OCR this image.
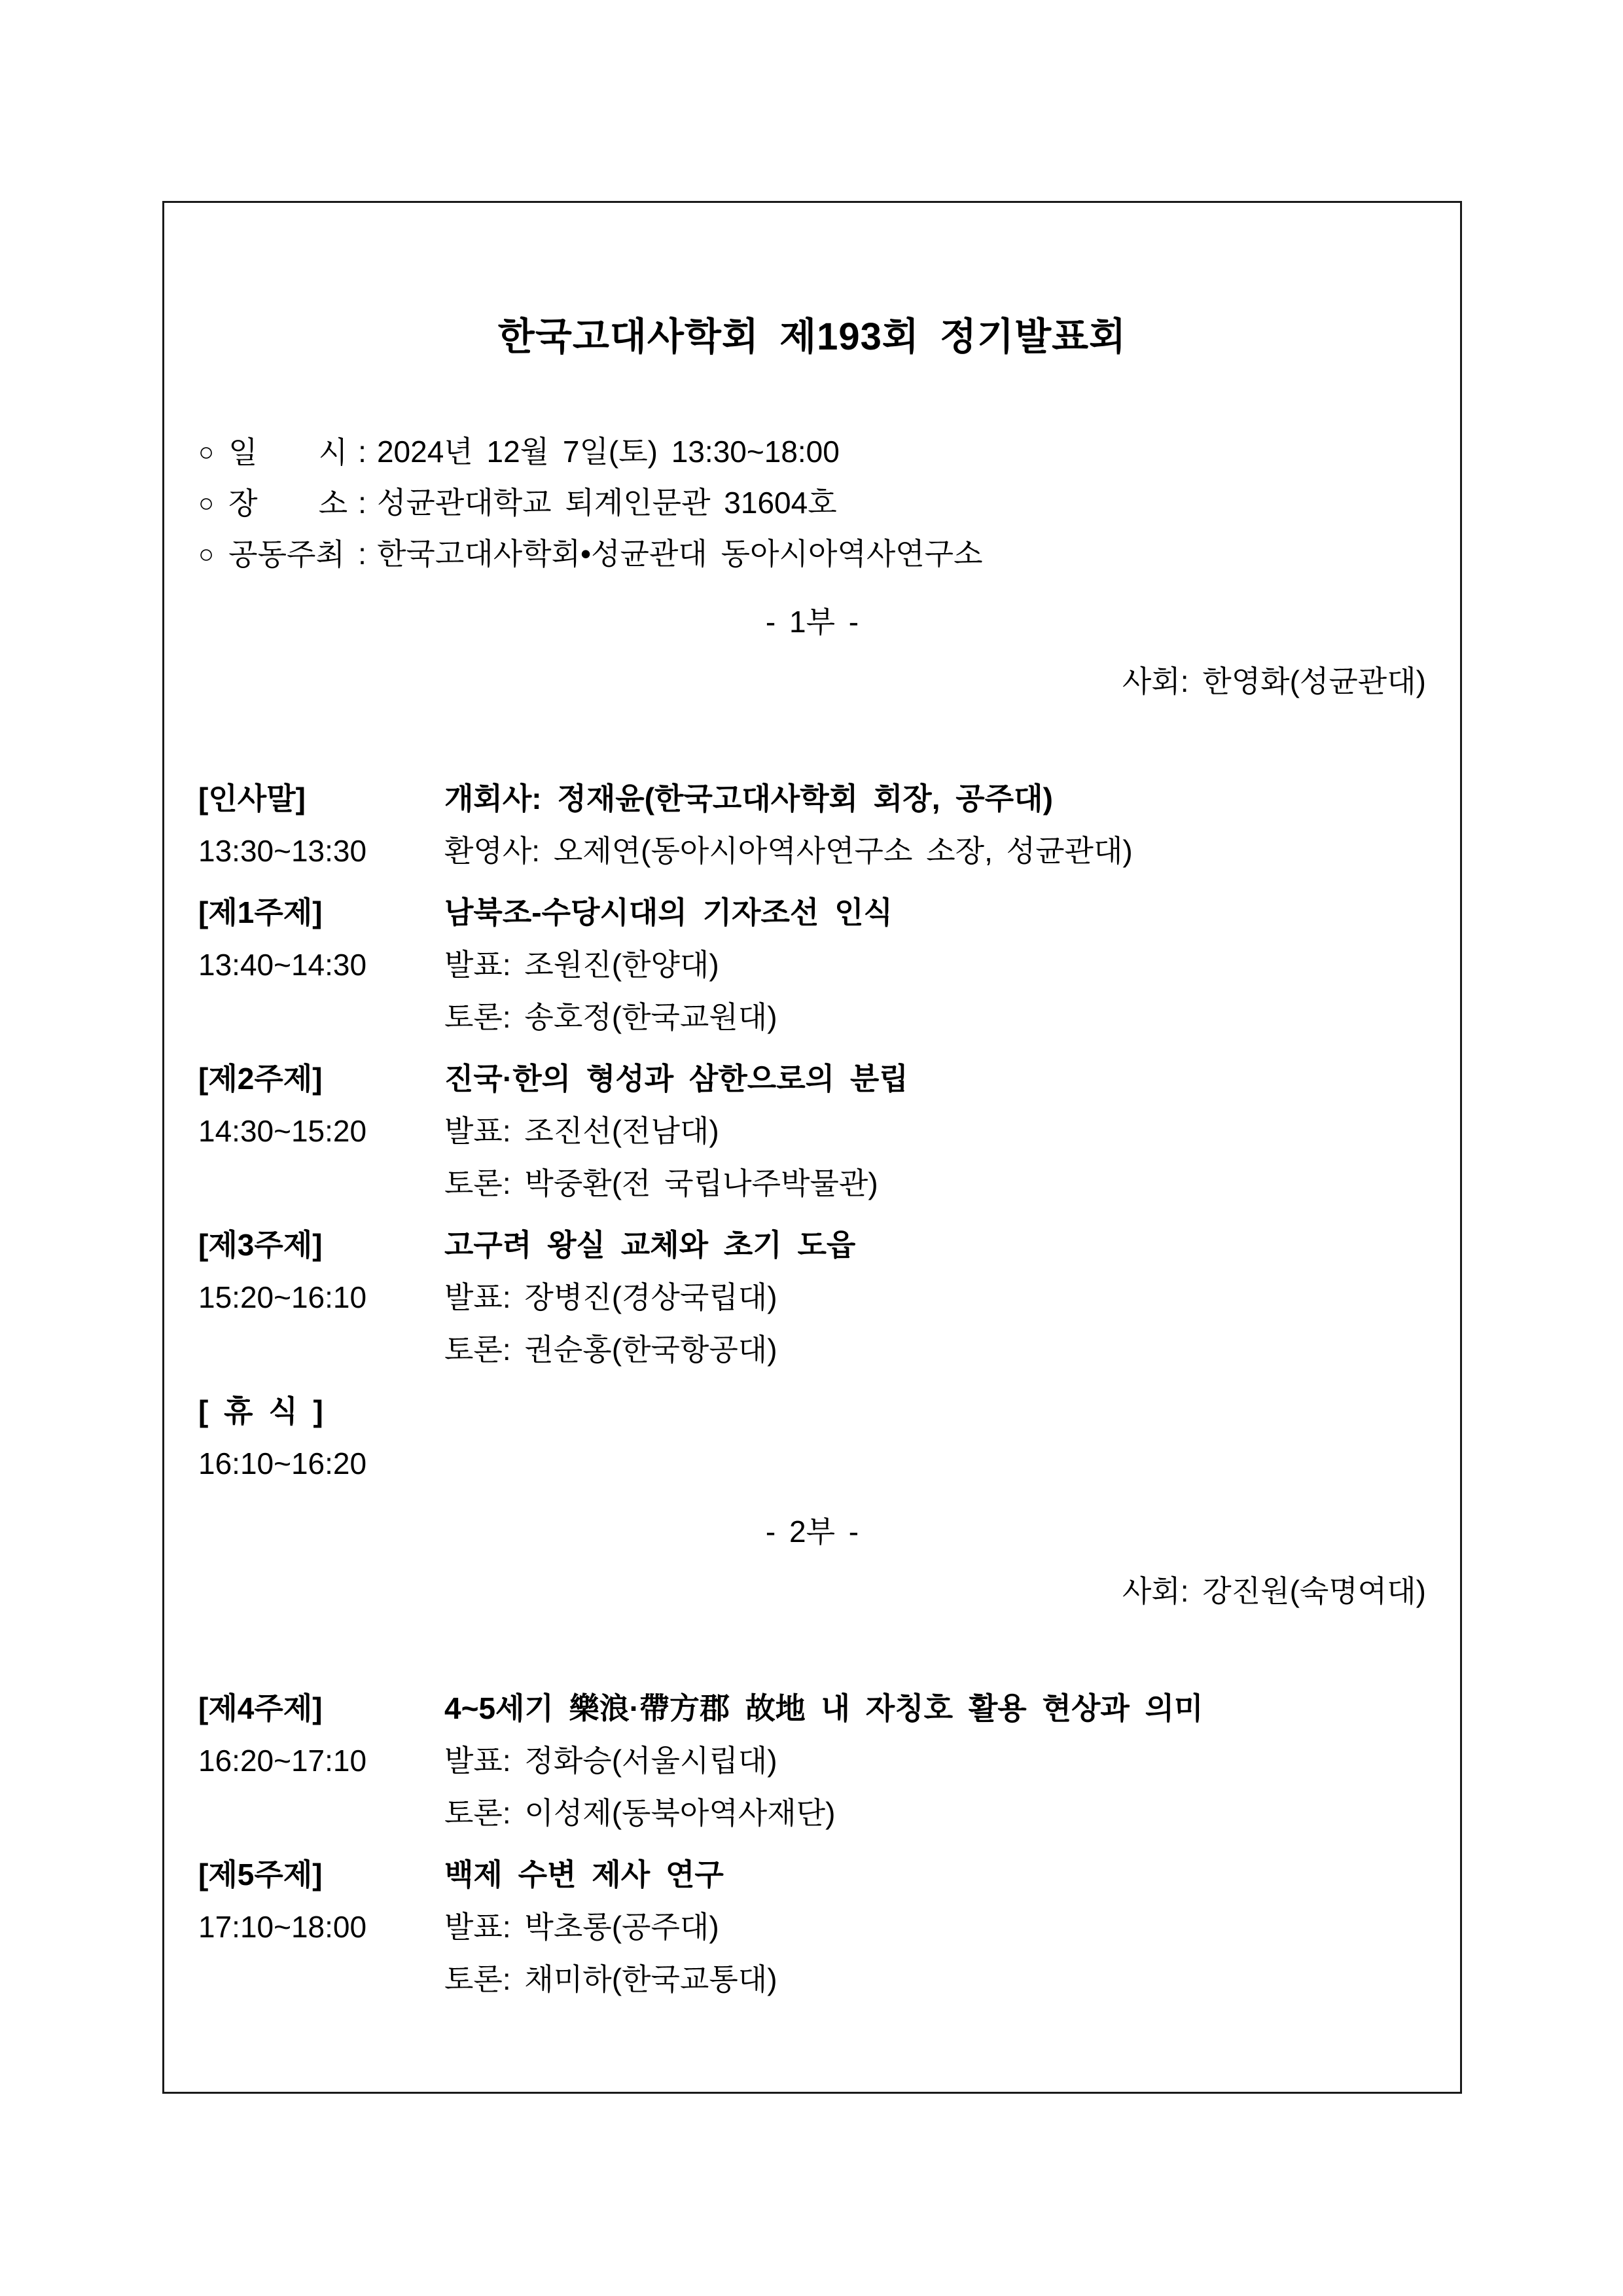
한국고대사학회 제193회 정기발표회
○ 일 시 : 2024년 12월 7일(토) 13:30~18:00
○ 장 소 : 성균관대학교 퇴계인문관 31604호
○ 공동주최 : 한국고대사학회•성균관대 동아시아역사연구소
- 1부 -
사회: 한영화(성균관대)
[인사말]	개회사: 정재윤(한국고대사학회 회장, 공주대)
13:30~13:30	환영사: 오제연(동아시아역사연구소 소장, 성균관대)
[제1주제]	남북조-수당시대의 기자조선 인식
13:40~14:30	발표: 조원진(한양대)
토론: 송호정(한국교원대)
[제2주제]	진국·한의 형성과 삼한으로의 분립
14:30~15:20	발표: 조진선(전남대)
토론: 박중환(전 국립나주박물관)
[제3주제]	고구려 왕실 교체와 초기 도읍
15:20~16:10	발표: 장병진(경상국립대)
토론: 권순홍(한국항공대)
[ 휴 식 ]
16:10~16:20
- 2부 -
사회: 강진원(숙명여대)
[제4주제]	4~5세기 樂浪·帶方郡 故地 내 자칭호 활용 현상과 의미
16:20~17:10	발표: 정화승(서울시립대)
토론: 이성제(동북아역사재단)
[제5주제]	백제 수변 제사 연구
17:10~18:00	발표: 박초롱(공주대)
토론: 채미하(한국교통대)
